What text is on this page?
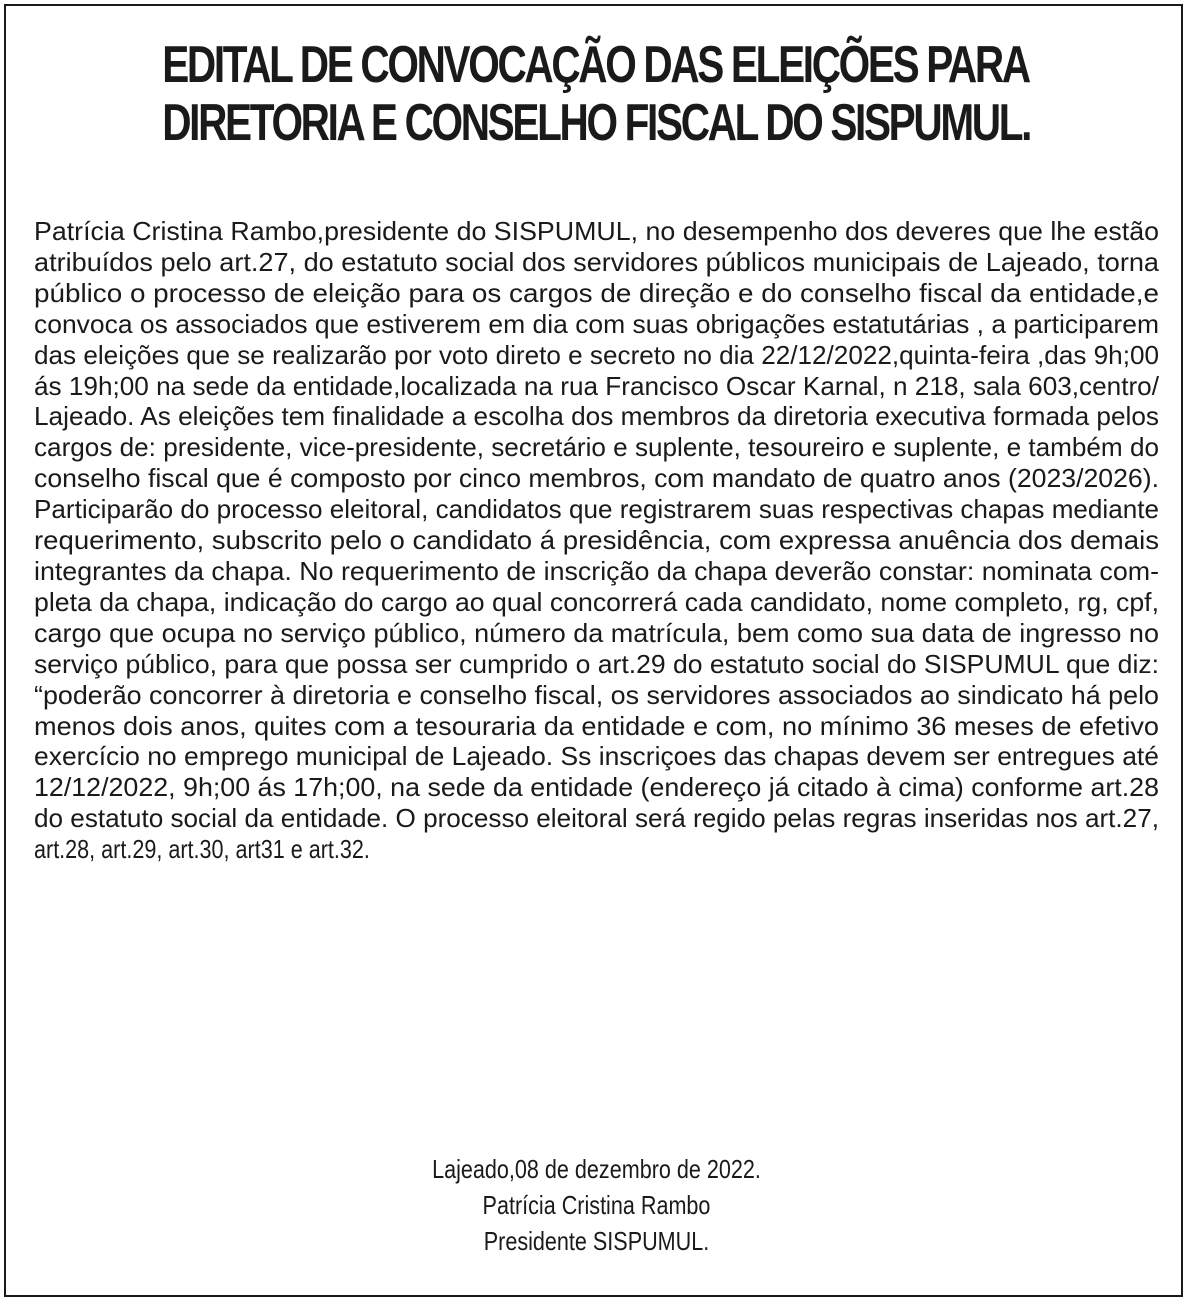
EDITAL DE CONVOCAÇÃO DAS ELEIÇÕES PARA
DIRETORIA E CONSELHO FISCAL DO SISPUMUL.
Patrícia Cristina Rambo,presidente do SISPUMUL, no desempenho dos deveres que lhe estão
atribuídos pelo art.27, do estatuto social dos servidores públicos municipais de Lajeado, torna
público o processo de eleição para os cargos de direção e do conselho fiscal da entidade,e
convoca os associados que estiverem em dia com suas obrigações estatutárias , a participarem
das eleições que se realizarão por voto direto e secreto no dia 22/12/2022,quinta-feira ,das 9h;00
ás 19h;00 na sede da entidade,localizada na rua Francisco Oscar Karnal, n 218, sala 603,centro/
Lajeado. As eleições tem finalidade a escolha dos membros da diretoria executiva formada pelos
cargos de: presidente, vice-presidente, secretário e suplente, tesoureiro e suplente, e também do
conselho fiscal que é composto por cinco membros, com mandato de quatro anos (2023/2026).
Participarão do processo eleitoral, candidatos que registrarem suas respectivas chapas mediante
requerimento, subscrito pelo o candidato á presidência, com expressa anuência dos demais
integrantes da chapa. No requerimento de inscrição da chapa deverão constar: nominata com-
pleta da chapa, indicação do cargo ao qual concorrerá cada candidato, nome completo, rg, cpf,
cargo que ocupa no serviço público, número da matrícula, bem como sua data de ingresso no
serviço público, para que possa ser cumprido o art.29 do estatuto social do SISPUMUL que diz:
“poderão concorrer à diretoria e conselho fiscal, os servidores associados ao sindicato há pelo
menos dois anos, quites com a tesouraria da entidade e com, no mínimo 36 meses de efetivo
exercício no emprego municipal de Lajeado. Ss inscriçoes das chapas devem ser entregues até
12/12/2022, 9h;00 ás 17h;00, na sede da entidade (endereço já citado à cima) conforme art.28
do estatuto social da entidade. O processo eleitoral será regido pelas regras inseridas nos art.27,
art.28, art.29, art.30, art31 e art.32.
Lajeado,08 de dezembro de 2022.
Patrícia Cristina Rambo
Presidente SISPUMUL.
